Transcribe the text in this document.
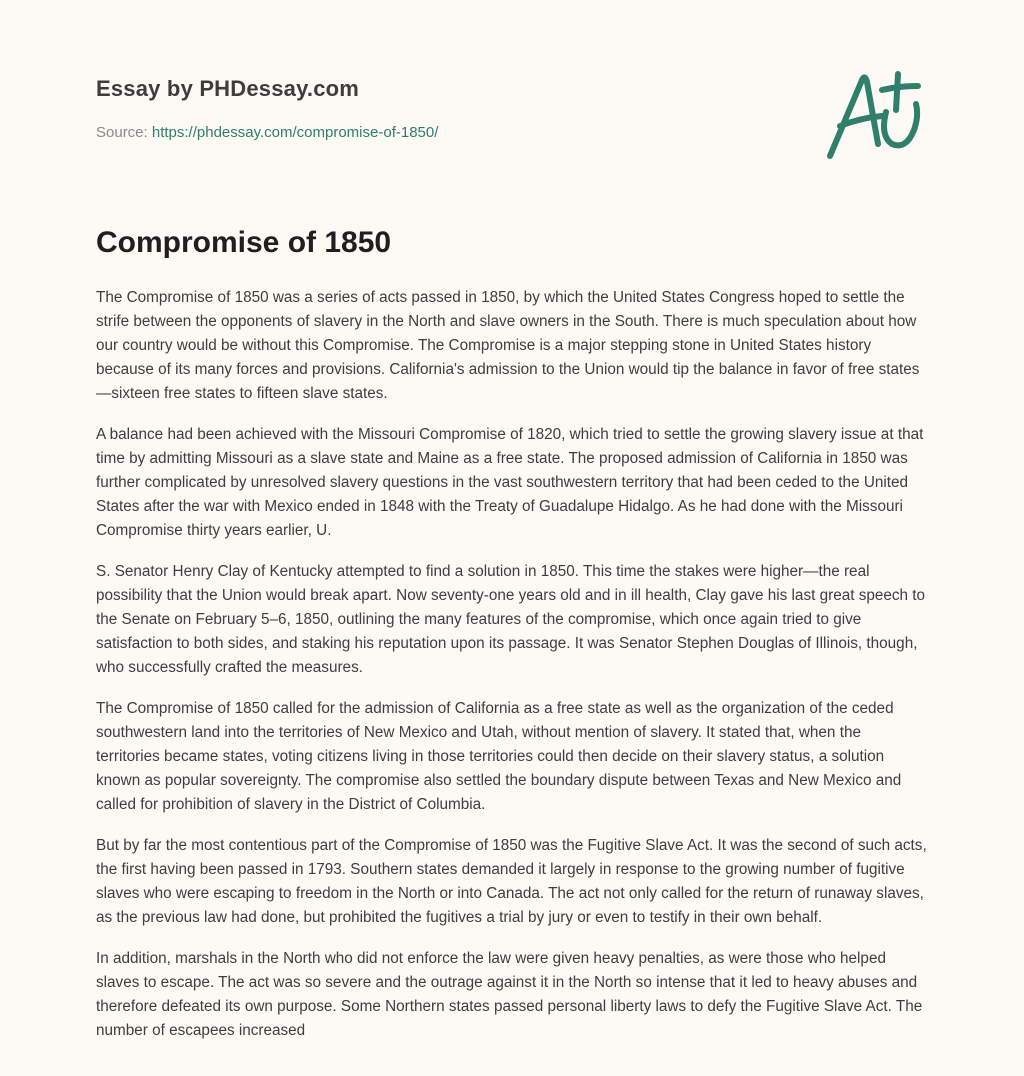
Essay by PHDessay.com

Source: https://phdessay.com/compromise-of-1850/

Compromise of 1850

The Compromise of 1850 was a series of acts passed in 1850, by which the United States Congress hoped to settle the strife between the opponents of slavery in the North and slave owners in the South. There is much speculation about how our country would be without this Compromise. The Compromise is a major stepping stone in United States history because of its many forces and provisions. California's admission to the Union would tip the balance in favor of free states—sixteen free states to fifteen slave states.

A balance had been achieved with the Missouri Compromise of 1820, which tried to settle the growing slavery issue at that time by admitting Missouri as a slave state and Maine as a free state. The proposed admission of California in 1850 was further complicated by unresolved slavery questions in the vast southwestern territory that had been ceded to the United States after the war with Mexico ended in 1848 with the Treaty of Guadalupe Hidalgo. As he had done with the Missouri Compromise thirty years earlier, U.

S. Senator Henry Clay of Kentucky attempted to find a solution in 1850. This time the stakes were higher—the real possibility that the Union would break apart. Now seventy-one years old and in ill health, Clay gave his last great speech to the Senate on February 5–6, 1850, outlining the many features of the compromise, which once again tried to give satisfaction to both sides, and staking his reputation upon its passage. It was Senator Stephen Douglas of Illinois, though, who successfully crafted the measures.

The Compromise of 1850 called for the admission of California as a free state as well as the organization of the ceded southwestern land into the territories of New Mexico and Utah, without mention of slavery. It stated that, when the territories became states, voting citizens living in those territories could then decide on their slavery status, a solution known as popular sovereignty. The compromise also settled the boundary dispute between Texas and New Mexico and called for prohibition of slavery in the District of Columbia.

But by far the most contentious part of the Compromise of 1850 was the Fugitive Slave Act. It was the second of such acts, the first having been passed in 1793. Southern states demanded it largely in response to the growing number of fugitive slaves who were escaping to freedom in the North or into Canada. The act not only called for the return of runaway slaves, as the previous law had done, but prohibited the fugitives a trial by jury or even to testify in their own behalf.

In addition, marshals in the North who did not enforce the law were given heavy penalties, as were those who helped slaves to escape. The act was so severe and the outrage against it in the North so intense that it led to heavy abuses and therefore defeated its own purpose. Some Northern states passed personal liberty laws to defy the Fugitive Slave Act. The number of escapees increased
